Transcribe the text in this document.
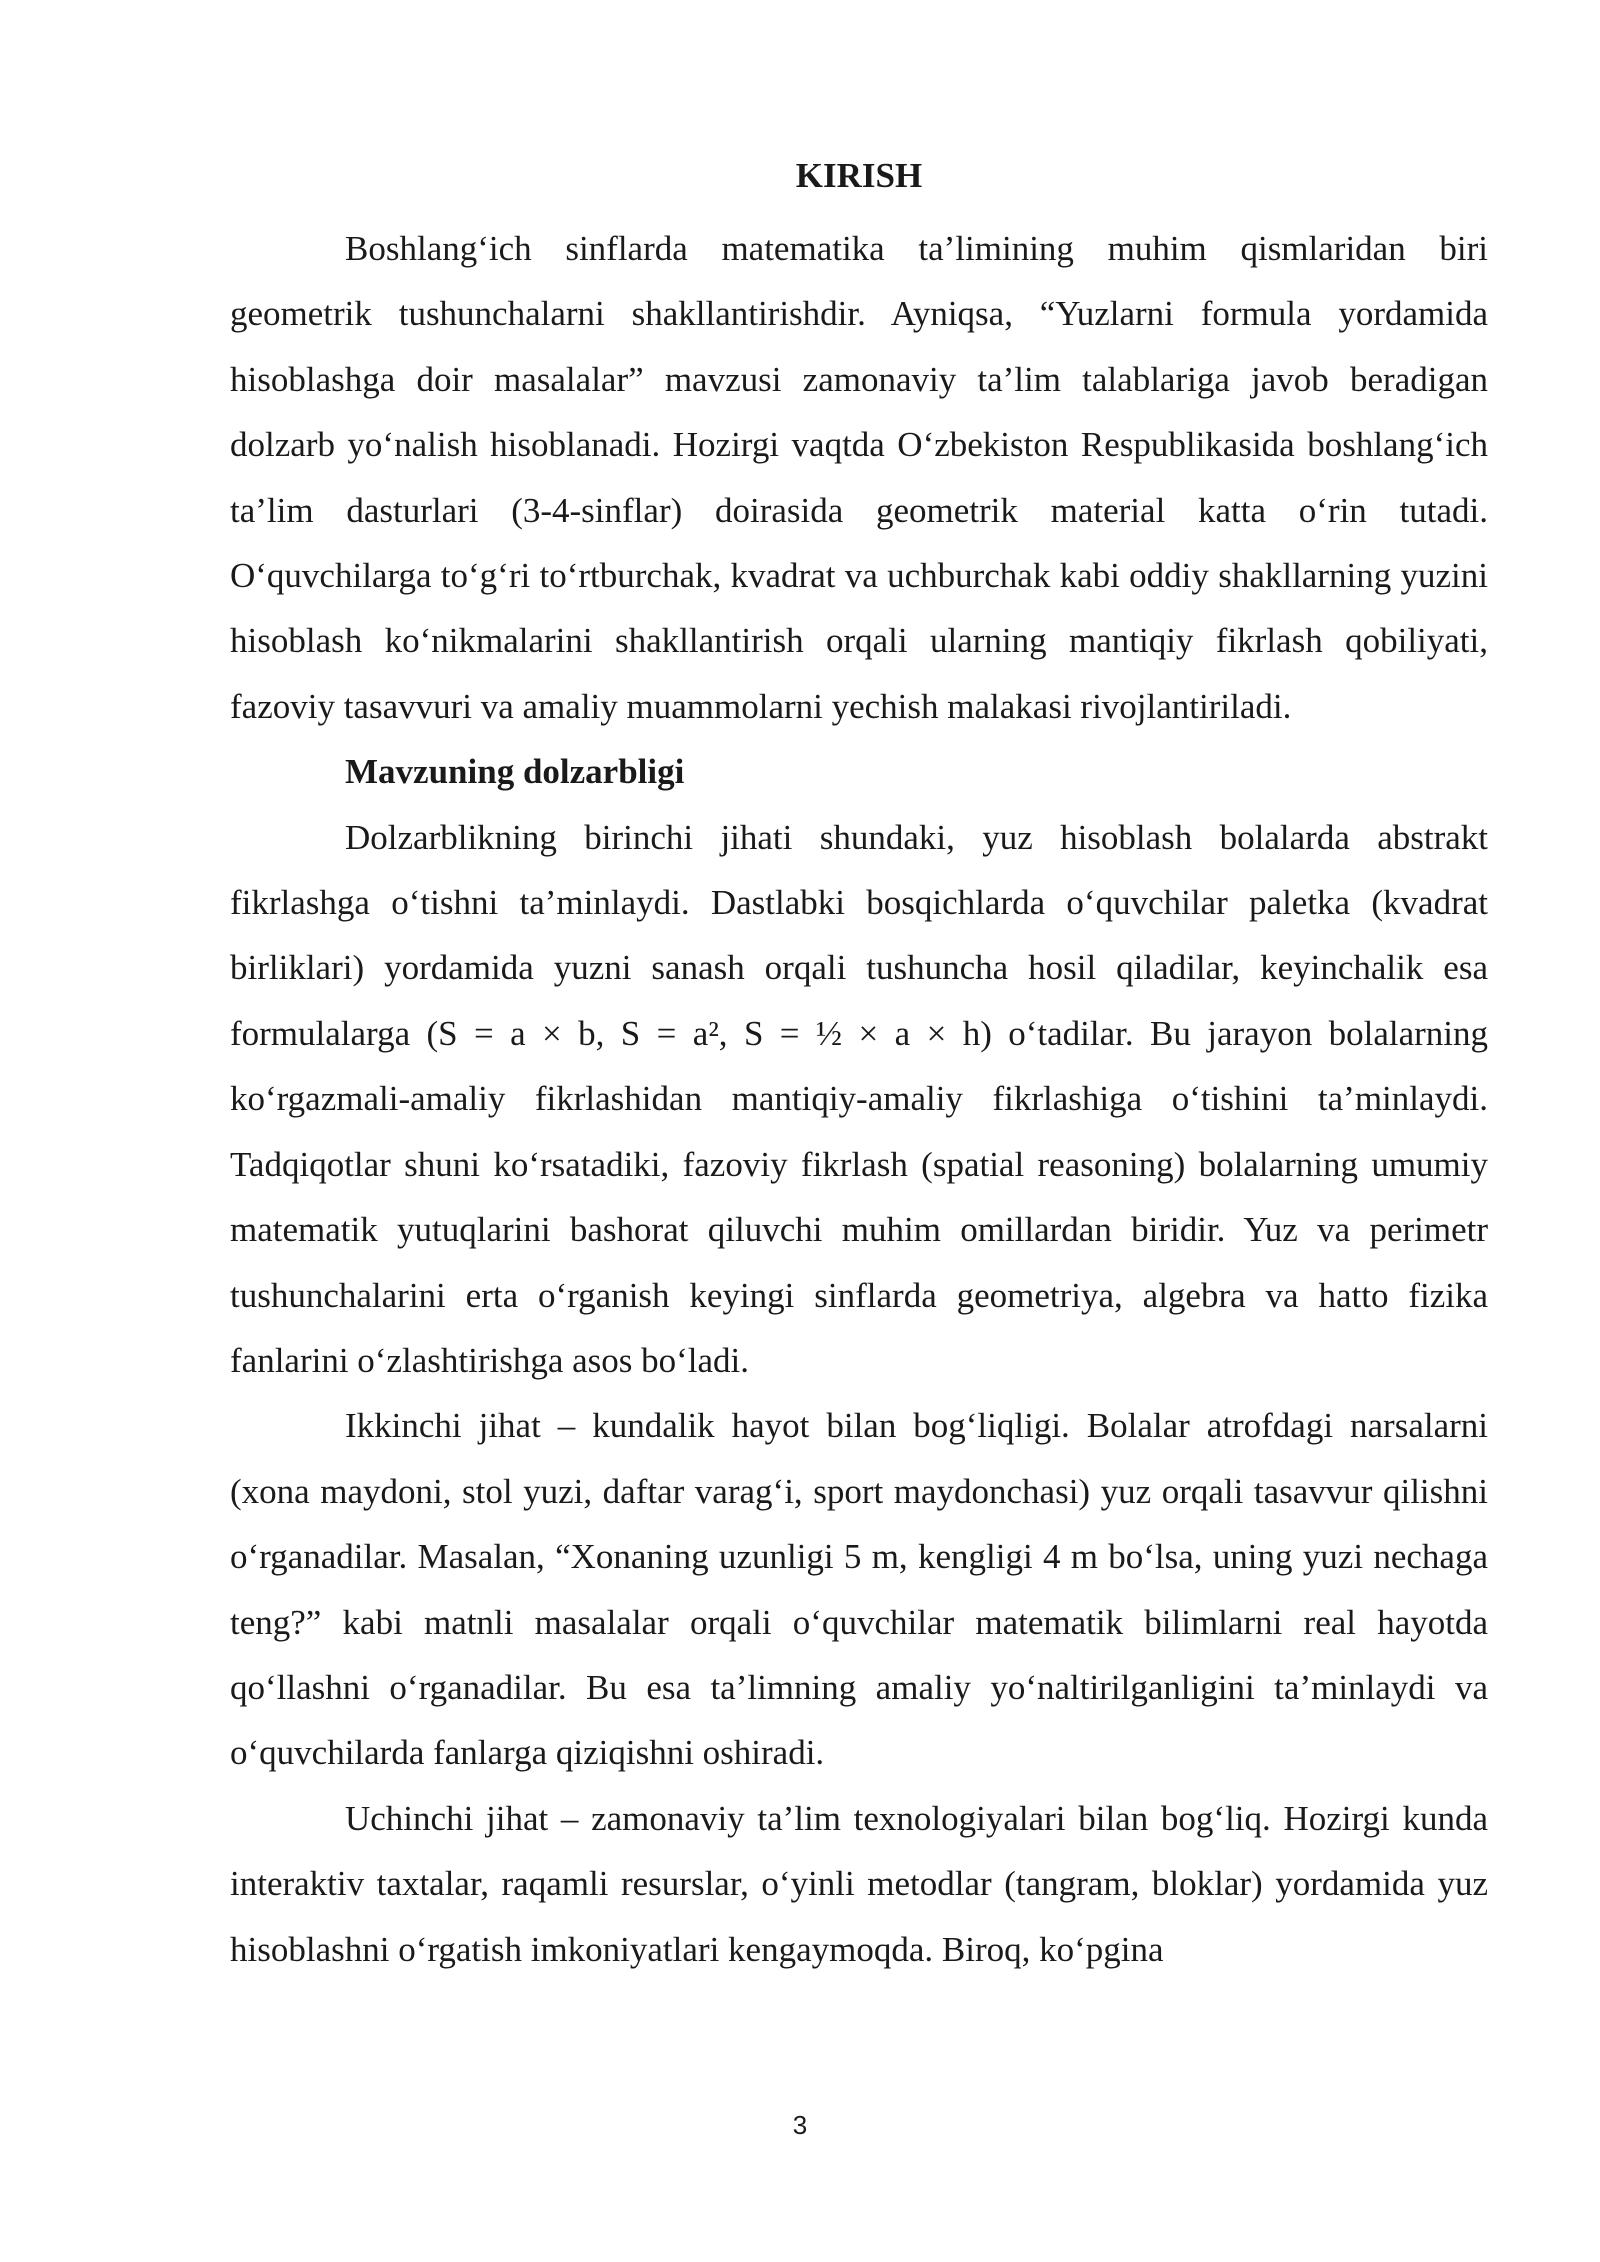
KIRISH

Boshlang‘ich sinflarda matematika ta’limining muhim qismlaridan biri geometrik tushunchalarni shakllantirishdir. Ayniqsa, “Yuzlarni formula yordamida hisoblashga doir masalalar” mavzusi zamonaviy ta’lim talablariga javob beradigan dolzarb yo‘nalish hisoblanadi. Hozirgi vaqtda O‘zbekiston Respublikasida boshlang‘ich ta’lim dasturlari (3-4-sinflar) doirasida geometrik material katta o‘rin tutadi. O‘quvchilarga to‘g‘ri to‘rtburchak, kvadrat va uchburchak kabi oddiy shakllarning yuzini hisoblash ko‘nikmalarini shakllantirish orqali ularning mantiqiy fikrlash qobiliyati, fazoviy tasavvuri va amaliy muammolarni yechish malakasi rivojlantiriladi.

Mavzuning dolzarbligi

Dolzarblikning birinchi jihati shundaki, yuz hisoblash bolalarda abstrakt fikrlashga o‘tishni ta’minlaydi. Dastlabki bosqichlarda o‘quvchilar paletka (kvadrat birliklari) yordamida yuzni sanash orqali tushuncha hosil qiladilar, keyinchalik esa formulalarga (S = a × b, S = a², S = ½ × a × h) o‘tadilar. Bu jarayon bolalarning ko‘rgazmali-amaliy fikrlashidan mantiqiy-amaliy fikrlashiga o‘tishini ta’minlaydi. Tadqiqotlar shuni ko‘rsatadiki, fazoviy fikrlash (spatial reasoning) bolalarning umumiy matematik yutuqlarini bashorat qiluvchi muhim omillardan biridir. Yuz va perimetr tushunchalarini erta o‘rganish keyingi sinflarda geometriya, algebra va hatto fizika fanlarini o‘zlashtirishga asos bo‘ladi.

Ikkinchi jihat – kundalik hayot bilan bog‘liqligi. Bolalar atrofdagi narsalarni (xona maydoni, stol yuzi, daftar varag‘i, sport maydonchasi) yuz orqali tasavvur qilishni o‘rganadilar. Masalan, “Xonaning uzunligi 5 m, kengligi 4 m bo‘lsa, uning yuzi nechaga teng?” kabi matnli masalalar orqali o‘quvchilar matematik bilimlarni real hayotda qo‘llashni o‘rganadilar. Bu esa ta’limning amaliy yo‘naltirilganligini ta’minlaydi va o‘quvchilarda fanlarga qiziqishni oshiradi.

Uchinchi jihat – zamonaviy ta’lim texnologiyalari bilan bog‘liq. Hozirgi kunda interaktiv taxtalar, raqamli resurslar, o‘yinli metodlar (tangram, bloklar) yordamida yuz hisoblashni o‘rgatish imkoniyatlari kengaymoqda. Biroq, ko‘pgina

3
